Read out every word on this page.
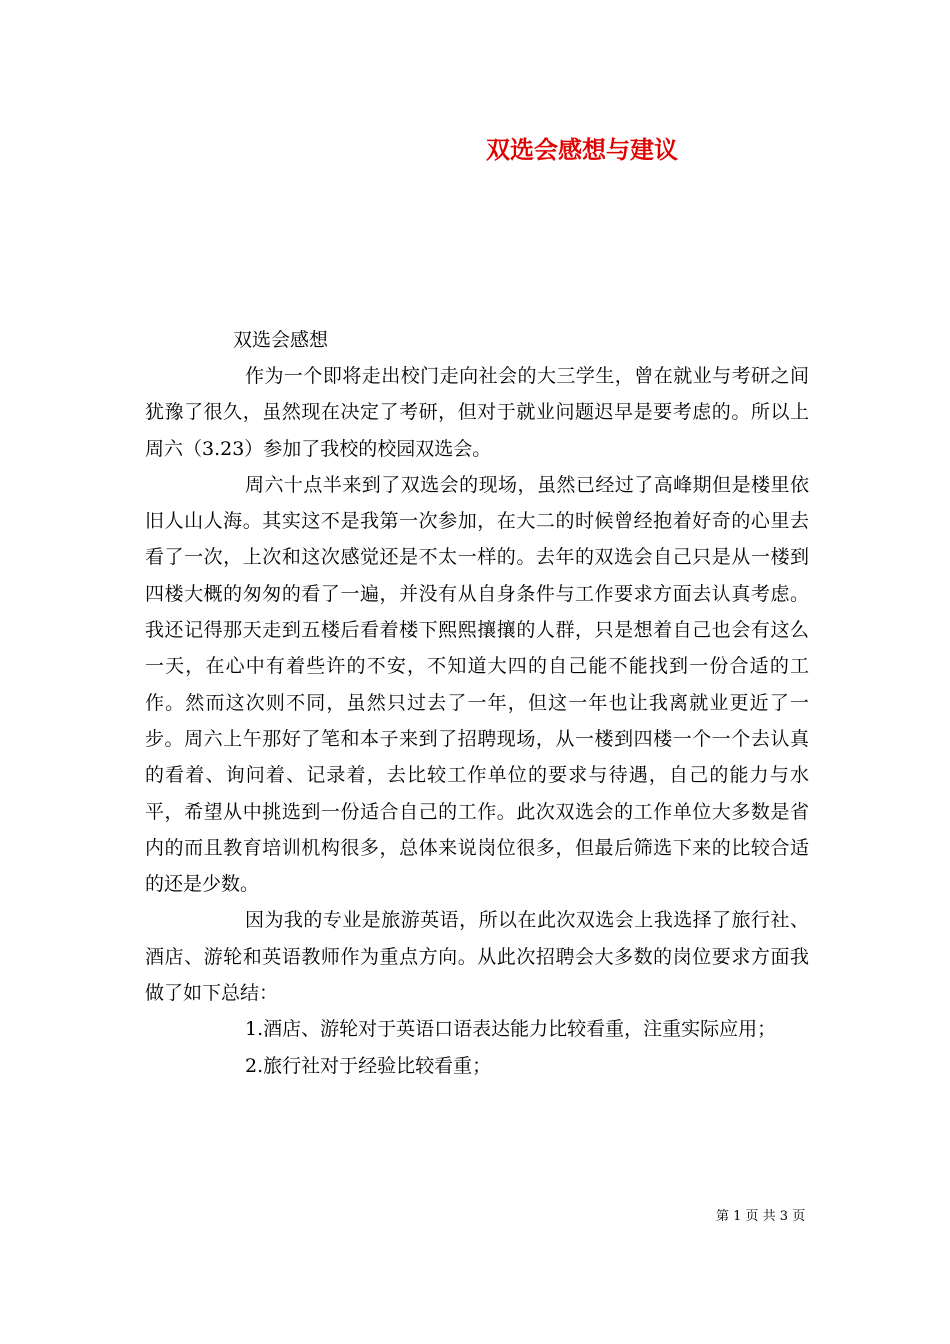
双选会感想与建议
双选会感想

作为一个即将走出校门走向社会的大三学生，曾在就业与考研之间犹豫了很久，虽然现在决定了考研，但对于就业问题迟早是要考虑的。所以上周六（3.23）参加了我校的校园双选会。

周六十点半来到了双选会的现场，虽然已经过了高峰期但是楼里依旧人山人海。其实这不是我第一次参加，在大二的时候曾经抱着好奇的心里去看了一次，上次和这次感觉还是不太一样的。去年的双选会自己只是从一楼到四楼大概的匆匆的看了一遍，并没有从自身条件与工作要求方面去认真考虑。我还记得那天走到五楼后看着楼下熙熙攘攘的人群，只是想着自己也会有这么一天，在心中有着些许的不安，不知道大四的自己能不能找到一份合适的工作。然而这次则不同，虽然只过去了一年，但这一年也让我离就业更近了一步。周六上午那好了笔和本子来到了招聘现场，从一楼到四楼一个一个去认真的看着、询问着、记录着，去比较工作单位的要求与待遇，自己的能力与水平，希望从中挑选到一份适合自己的工作。此次双选会的工作单位大多数是省内的而且教育培训机构很多，总体来说岗位很多，但最后筛选下来的比较合适的还是少数。

因为我的专业是旅游英语，所以在此次双选会上我选择了旅行社、酒店、游轮和英语教师作为重点方向。从此次招聘会大多数的岗位要求方面我做了如下总结：

1.酒店、游轮对于英语口语表达能力比较看重，注重实际应用；

2.旅行社对于经验比较看重；

第 1 页 共 3 页
